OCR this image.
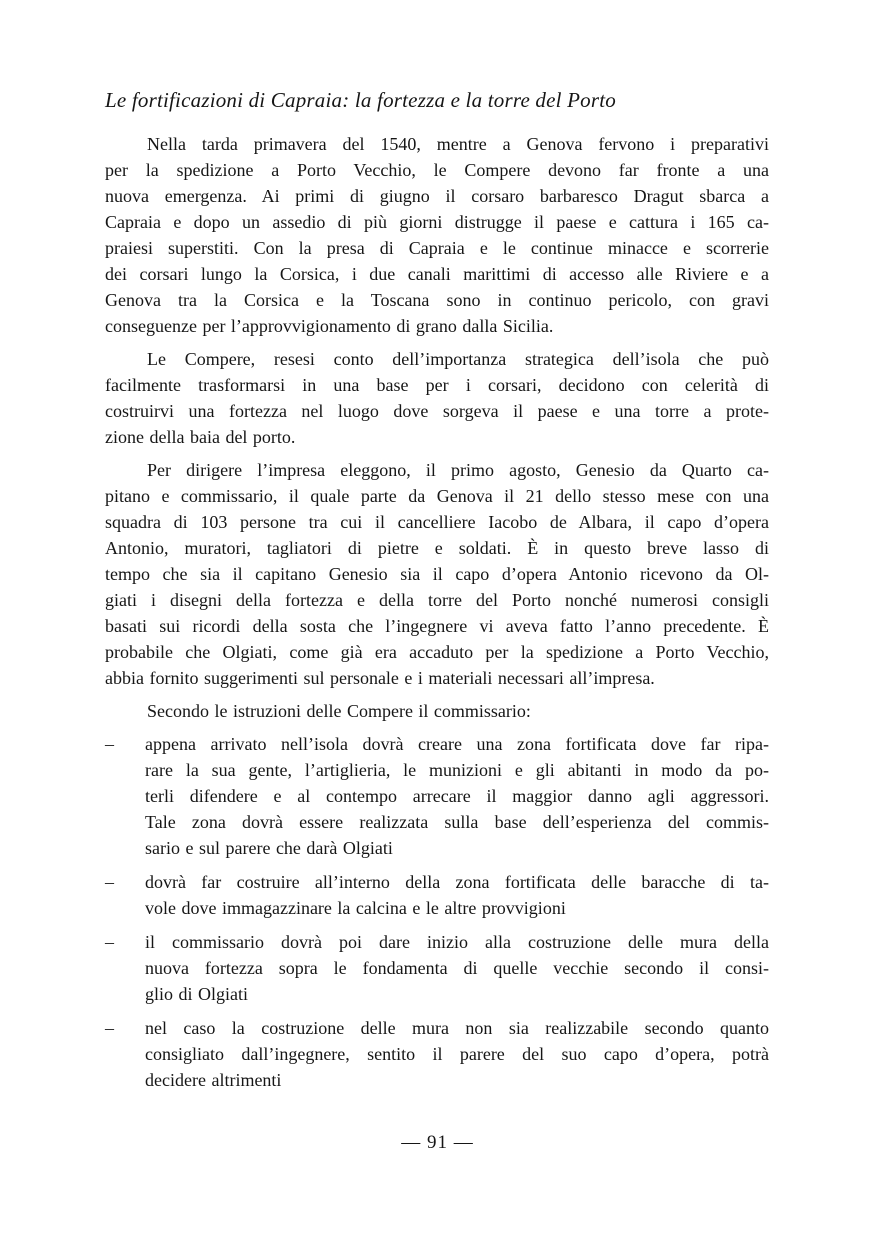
Le fortificazioni di Capraia: la fortezza e la torre del Porto
Nella tarda primavera del 1540, mentre a Genova fervono i preparativi
per la spedizione a Porto Vecchio, le Compere devono far fronte a una
nuova emergenza. Ai primi di giugno il corsaro barbaresco Dragut sbarca a
Capraia e dopo un assedio di più giorni distrugge il paese e cattura i 165 ca-
praiesi superstiti. Con la presa di Capraia e le continue minacce e scorrerie
dei corsari lungo la Corsica, i due canali marittimi di accesso alle Riviere e a
Genova tra la Corsica e la Toscana sono in continuo pericolo, con gravi
conseguenze per l’approvvigionamento di grano dalla Sicilia.
Le Compere, resesi conto dell’importanza strategica dell’isola che può
facilmente trasformarsi in una base per i corsari, decidono con celerità di
costruirvi una fortezza nel luogo dove sorgeva il paese e una torre a prote-
zione della baia del porto.
Per dirigere l’impresa eleggono, il primo agosto, Genesio da Quarto ca-
pitano e commissario, il quale parte da Genova il 21 dello stesso mese con una
squadra di 103 persone tra cui il cancelliere Iacobo de Albara, il capo d’opera
Antonio, muratori, tagliatori di pietre e soldati. È in questo breve lasso di
tempo che sia il capitano Genesio sia il capo d’opera Antonio ricevono da Ol-
giati i disegni della fortezza e della torre del Porto nonché numerosi consigli
basati sui ricordi della sosta che l’ingegnere vi aveva fatto l’anno precedente. È
probabile che Olgiati, come già era accaduto per la spedizione a Porto Vecchio,
abbia fornito suggerimenti sul personale e i materiali necessari all’impresa.
Secondo le istruzioni delle Compere il commissario:
–	appena arrivato nell’isola dovrà creare una zona fortificata dove far ripa-
rare la sua gente, l’artiglieria, le munizioni e gli abitanti in modo da po-
terli difendere e al contempo arrecare il maggior danno agli aggressori.
Tale zona dovrà essere realizzata sulla base dell’esperienza del commis-
sario e sul parere che darà Olgiati
–	dovrà far costruire all’interno della zona fortificata delle baracche di ta-
vole dove immagazzinare la calcina e le altre provvigioni
–	il commissario dovrà poi dare inizio alla costruzione delle mura della
nuova fortezza sopra le fondamenta di quelle vecchie secondo il consi-
glio di Olgiati
–	nel caso la costruzione delle mura non sia realizzabile secondo quanto
consigliato dall’ingegnere, sentito il parere del suo capo d’opera, potrà
decidere altrimenti
— 91 —
